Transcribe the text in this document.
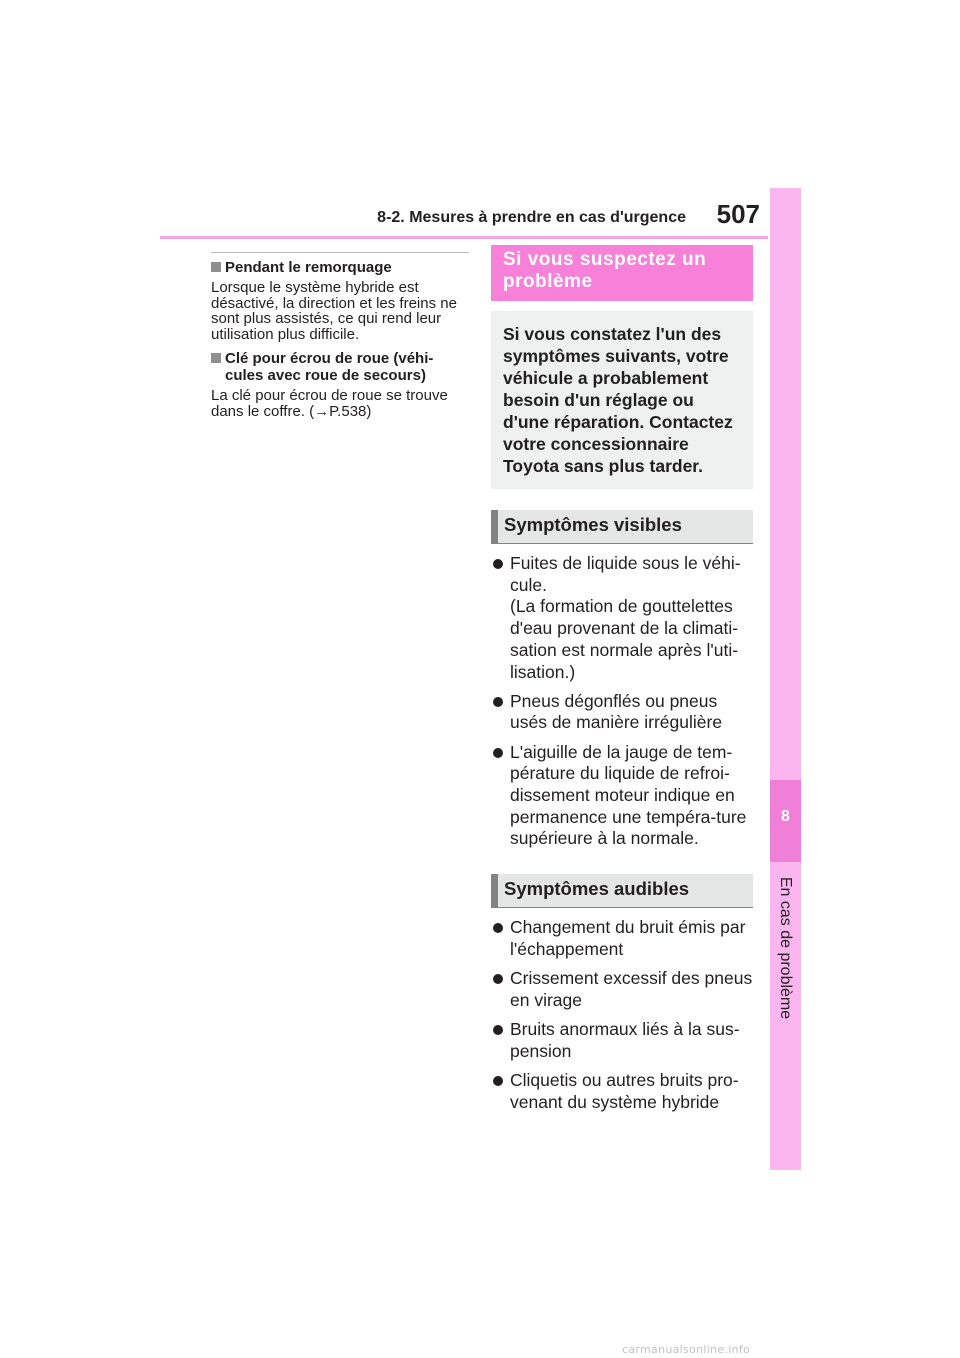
8-2. Mesures à prendre en cas d'urgence 507
8
En cas de problème
Pendant le remorquage
Lorsque le système hybride est désactivé, la direction et les freins ne sont plus assistés, ce qui rend leur utilisation plus difficile.
Clé pour écrou de roue (véhi-cules avec roue de secours)
La clé pour écrou de roue se trouve dans le coffre. (→P.538)
Si vous suspectez un problème
Si vous constatez l'un des symptômes suivants, votre véhicule a probablement besoin d'un réglage ou d'une réparation. Contactez votre concessionnaire Toyota sans plus tarder.
Symptômes visibles
Fuites de liquide sous le véhi-cule.
(La formation de gouttelettes d'eau provenant de la climati-sation est normale après l'uti-lisation.)
Pneus dégonflés ou pneus usés de manière irrégulière
L'aiguille de la jauge de tem-pérature du liquide de refroi-dissement moteur indique en permanence une tempéra-ture supérieure à la normale.
Symptômes audibles
Changement du bruit émis par l'échappement
Crissement excessif des pneus en virage
Bruits anormaux liés à la sus-pension
Cliquetis ou autres bruits pro-venant du système hybride
carmanualsonline.info
